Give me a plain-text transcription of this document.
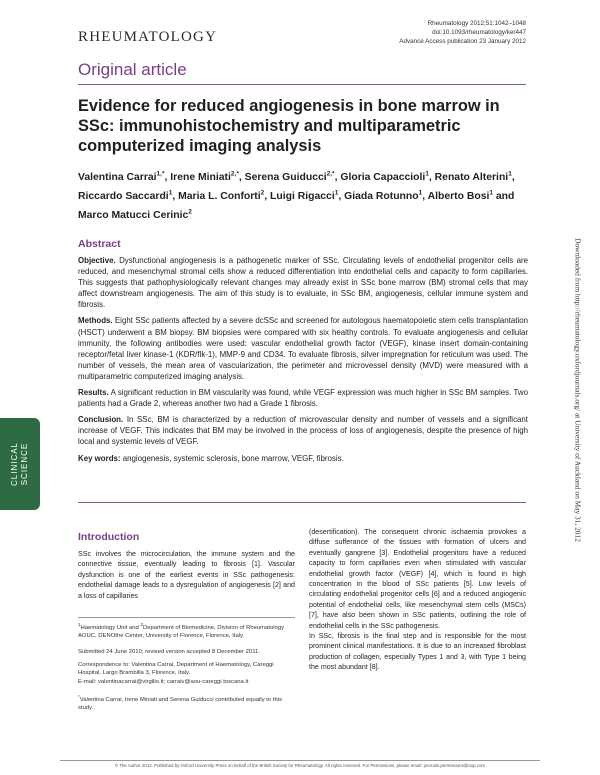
RHEUMATOLOGY
Rheumatology 2012;51:1042–1048
doi:10.1093/rheumatology/ker447
Advance Access publication 23 January 2012
Original article
Evidence for reduced angiogenesis in bone marrow in SSc: immunohistochemistry and multiparametric computerized imaging analysis
Valentina Carrai$^{1,*}$, Irene Miniati$^{2,*}$, Serena Guiducci$^{2,*}$, Gloria Capaccioli$^1$, Renato Alterini$^1$, Riccardo Saccardi$^1$, Maria L. Conforti$^2$, Luigi Rigacci$^1$, Giada Rotunno$^1$, Alberto Bosi$^1$ and Marco Matucci Cerinic$^2$
Abstract

Objective. Dysfunctional angiogenesis is a pathogenetic marker of SSc. Circulating levels of endothelial progenitor cells are reduced, and mesenchymal stromal cells show a reduced differentiation into endothelial cells and capacity to form capillaries. This suggests that pathophysiologically relevant changes may already exist in SSc bone marrow (BM) stromal cells that may affect downstream angiogenesis. The aim of this study is to evaluate, in SSc BM, angiogenesis, cellular immune system and fibrosis.

Methods. Eight SSc patients affected by a severe dcSSc and screened for autologous haematopoietic stem cells transplantation (HSCT) underwent a BM biopsy. BM biopsies were compared with six healthy controls. To evaluate angiogenesis and cellular immunity, the following antibodies were used: vascular endothelial growth factor (VEGF), kinase insert domain-containing receptor/fetal liver kinase-1 (KDR/flk-1), MMP-9 and CD34. To evaluate fibrosis, silver impregnation for reticulum was used. The number of vessels, the mean area of vascularization, the perimeter and microvessel density (MVD) were measured with a multiparametric computerized imaging analysis.

Results. A significant reduction in BM vascularity was found, while VEGF expression was much higher in SSc BM samples. Two patients had a Grade 2, whereas another two had a Grade 1 fibrosis.

Conclusion. In SSc, BM is characterized by a reduction of microvascular density and number of vessels and a significant increase of VEGF. This indicates that BM may be involved in the process of loss of angiogenesis, despite the presence of high local and systemic levels of VEGF.

Key words: angiogenesis, systemic sclerosis, bone marrow, VEGF, fibrosis.

Introduction

SSc involves the microcirculation, the immune system and the connective tissue, eventually leading to fibrosis [1]. Vascular dysfunction is one of the earliest events in SSc pathogenesis: endothelial damage leads to a dysregulation of angiogenesis [2] and a loss of capillaries

(desertification). The consequent chronic ischaemia provokes a diffuse sufferance of the tissues with formation of ulcers and eventually gangrene [3]. Endothelial progenitors have a reduced capacity to form capillaries even when stimulated with vascular endothelial growth factor (VEGF) [4], which is found in high concentration in the blood of SSc patients [5]. Low levels of circulating endothelial progenitor cells [6] and a reduced angiogenic potential of endothelial cells, like mesenchymal stem cells (MSCs) [7], have also been shown in SSc patients, outlining the role of endothelial cells in the SSc pathogenesis.

In SSc, fibrosis is the final step and is responsible for the most prominent clinical manifestations. It is due to an increased fibroblast production of collagen, especially Types 1 and 3, with Type 1 being the most abundant [8].

$^1$Haematology Unit and $^2$Department of Biomedicine, Division of Rheumatology AOUC, DENOthe Center, University of Florence, Florence, Italy.
Submitted 24 June 2010; revised version accepted 8 December 2011.
Correspondence to: Valentina Carrai, Department of Haematology, Careggi Hospital, Largo Brambilla 3, Florence, Italy.
E-mail: valentinacarrai@virgilio.it; carraiv@aou-careggi.toscana.it
*Valentina Carrai, Irene Miniati and Serena Guiducci contributed equally to this study.
© The Author 2012. Published by Oxford University Press on behalf of the British Society for Rheumatology. All rights reserved. For Permissions, please email: journals.permissions@oup.com
CLINICAL SCIENCE	Downloaded from http://rheumatology.oxfordjournals.org/ at University of Auckland on May 31, 2012
